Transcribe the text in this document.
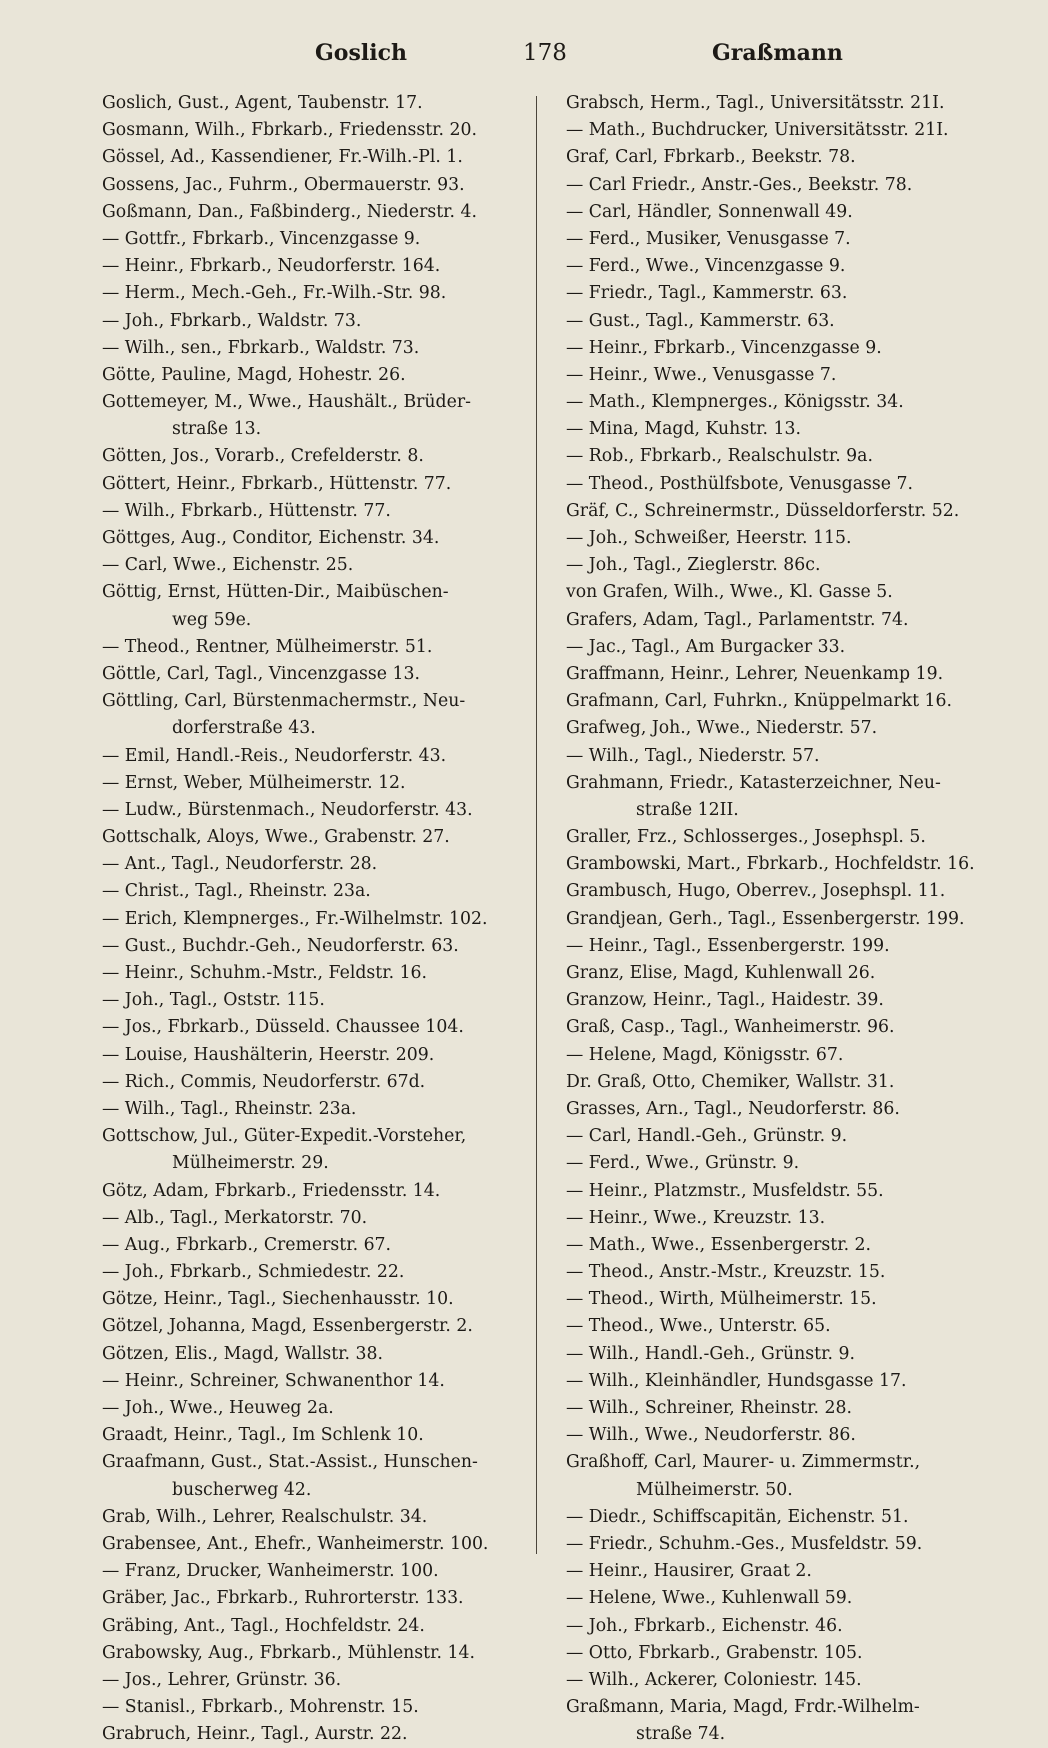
Goslich	178	Graßmann
Goslich, Gust., Agent, Taubenstr. 17.
Gosmann, Wilh., Fbrkarb., Friedensstr. 20.
Gössel, Ad., Kassendiener, Fr.-Wilh.-Pl. 1.
Gossens, Jac., Fuhrm., Obermauerstr. 93.
Goßmann, Dan., Faßbinderg., Niederstr. 4.
— Gottfr., Fbrkarb., Vincenzgasse 9.
— Heinr., Fbrkarb., Neudorferstr. 164.
— Herm., Mech.-Geh., Fr.-Wilh.-Str. 98.
— Joh., Fbrkarb., Waldstr. 73.
— Wilh., sen., Fbrkarb., Waldstr. 73.
Götte, Pauline, Magd, Hohestr. 26.
Gottemeyer, M., Wwe., Haushält., Brüder-
straße 13.
Götten, Jos., Vorarb., Crefelderstr. 8.
Göttert, Heinr., Fbrkarb., Hüttenstr. 77.
— Wilh., Fbrkarb., Hüttenstr. 77.
Göttges, Aug., Conditor, Eichenstr. 34.
— Carl, Wwe., Eichenstr. 25.
Göttig, Ernst, Hütten-Dir., Maibüschen-
weg 59e.
— Theod., Rentner, Mülheimerstr. 51.
Göttle, Carl, Tagl., Vincenzgasse 13.
Göttling, Carl, Bürstenmachermstr., Neu-
dorferstraße 43.
— Emil, Handl.-Reis., Neudorferstr. 43.
— Ernst, Weber, Mülheimerstr. 12.
— Ludw., Bürstenmach., Neudorferstr. 43.
Gottschalk, Aloys, Wwe., Grabenstr. 27.
— Ant., Tagl., Neudorferstr. 28.
— Christ., Tagl., Rheinstr. 23a.
— Erich, Klempnerges., Fr.-Wilhelmstr. 102.
— Gust., Buchdr.-Geh., Neudorferstr. 63.
— Heinr., Schuhm.-Mstr., Feldstr. 16.
— Joh., Tagl., Oststr. 115.
— Jos., Fbrkarb., Düsseld. Chaussee 104.
— Louise, Haushälterin, Heerstr. 209.
— Rich., Commis, Neudorferstr. 67d.
— Wilh., Tagl., Rheinstr. 23a.
Gottschow, Jul., Güter-Expedit.-Vorsteher,
Mülheimerstr. 29.
Götz, Adam, Fbrkarb., Friedensstr. 14.
— Alb., Tagl., Merkatorstr. 70.
— Aug., Fbrkarb., Cremerstr. 67.
— Joh., Fbrkarb., Schmiedestr. 22.
Götze, Heinr., Tagl., Siechenhausstr. 10.
Götzel, Johanna, Magd, Essenbergerstr. 2.
Götzen, Elis., Magd, Wallstr. 38.
— Heinr., Schreiner, Schwanenthor 14.
— Joh., Wwe., Heuweg 2a.
Graadt, Heinr., Tagl., Im Schlenk 10.
Graafmann, Gust., Stat.-Assist., Hunschen-
buscherweg 42.
Grab, Wilh., Lehrer, Realschulstr. 34.
Grabensee, Ant., Ehefr., Wanheimerstr. 100.
— Franz, Drucker, Wanheimerstr. 100.
Gräber, Jac., Fbrkarb., Ruhrorterstr. 133.
Gräbing, Ant., Tagl., Hochfeldstr. 24.
Grabowsky, Aug., Fbrkarb., Mühlenstr. 14.
— Jos., Lehrer, Grünstr. 36.
— Stanisl., Fbrkarb., Mohrenstr. 15.
Grabruch, Heinr., Tagl., Aurstr. 22.
Grabsch, Herm., Tagl., Universitätsstr. 21I.
— Math., Buchdrucker, Universitätsstr. 21I.
Graf, Carl, Fbrkarb., Beekstr. 78.
— Carl Friedr., Anstr.-Ges., Beekstr. 78.
— Carl, Händler, Sonnenwall 49.
— Ferd., Musiker, Venusgasse 7.
— Ferd., Wwe., Vincenzgasse 9.
— Friedr., Tagl., Kammerstr. 63.
— Gust., Tagl., Kammerstr. 63.
— Heinr., Fbrkarb., Vincenzgasse 9.
— Heinr., Wwe., Venusgasse 7.
— Math., Klempnerges., Königsstr. 34.
— Mina, Magd, Kuhstr. 13.
— Rob., Fbrkarb., Realschulstr. 9a.
— Theod., Posthülfsbote, Venusgasse 7.
Gräf, C., Schreinermstr., Düsseldorferstr. 52.
— Joh., Schweißer, Heerstr. 115.
— Joh., Tagl., Zieglerstr. 86c.
von Grafen, Wilh., Wwe., Kl. Gasse 5.
Grafers, Adam, Tagl., Parlamentstr. 74.
— Jac., Tagl., Am Burgacker 33.
Graffmann, Heinr., Lehrer, Neuenkamp 19.
Grafmann, Carl, Fuhrkn., Knüppelmarkt 16.
Grafweg, Joh., Wwe., Niederstr. 57.
— Wilh., Tagl., Niederstr. 57.
Grahmann, Friedr., Katasterzeichner, Neu-
straße 12II.
Graller, Frz., Schlosserges., Josephspl. 5.
Grambowski, Mart., Fbrkarb., Hochfeldstr. 16.
Grambusch, Hugo, Oberrev., Josephspl. 11.
Grandjean, Gerh., Tagl., Essenbergerstr. 199.
— Heinr., Tagl., Essenbergerstr. 199.
Granz, Elise, Magd, Kuhlenwall 26.
Granzow, Heinr., Tagl., Haidestr. 39.
Graß, Casp., Tagl., Wanheimerstr. 96.
— Helene, Magd, Königsstr. 67.
Dr. Graß, Otto, Chemiker, Wallstr. 31.
Grasses, Arn., Tagl., Neudorferstr. 86.
— Carl, Handl.-Geh., Grünstr. 9.
— Ferd., Wwe., Grünstr. 9.
— Heinr., Platzmstr., Musfeldstr. 55.
— Heinr., Wwe., Kreuzstr. 13.
— Math., Wwe., Essenbergerstr. 2.
— Theod., Anstr.-Mstr., Kreuzstr. 15.
— Theod., Wirth, Mülheimerstr. 15.
— Theod., Wwe., Unterstr. 65.
— Wilh., Handl.-Geh., Grünstr. 9.
— Wilh., Kleinhändler, Hundsgasse 17.
— Wilh., Schreiner, Rheinstr. 28.
— Wilh., Wwe., Neudorferstr. 86.
Graßhoff, Carl, Maurer- u. Zimmermstr.,
Mülheimerstr. 50.
— Diedr., Schiffscapitän, Eichenstr. 51.
— Friedr., Schuhm.-Ges., Musfeldstr. 59.
— Heinr., Hausirer, Graat 2.
— Helene, Wwe., Kuhlenwall 59.
— Joh., Fbrkarb., Eichenstr. 46.
— Otto, Fbrkarb., Grabenstr. 105.
— Wilh., Ackerer, Coloniestr. 145.
Graßmann, Maria, Magd, Frdr.-Wilhelm-
straße 74.
